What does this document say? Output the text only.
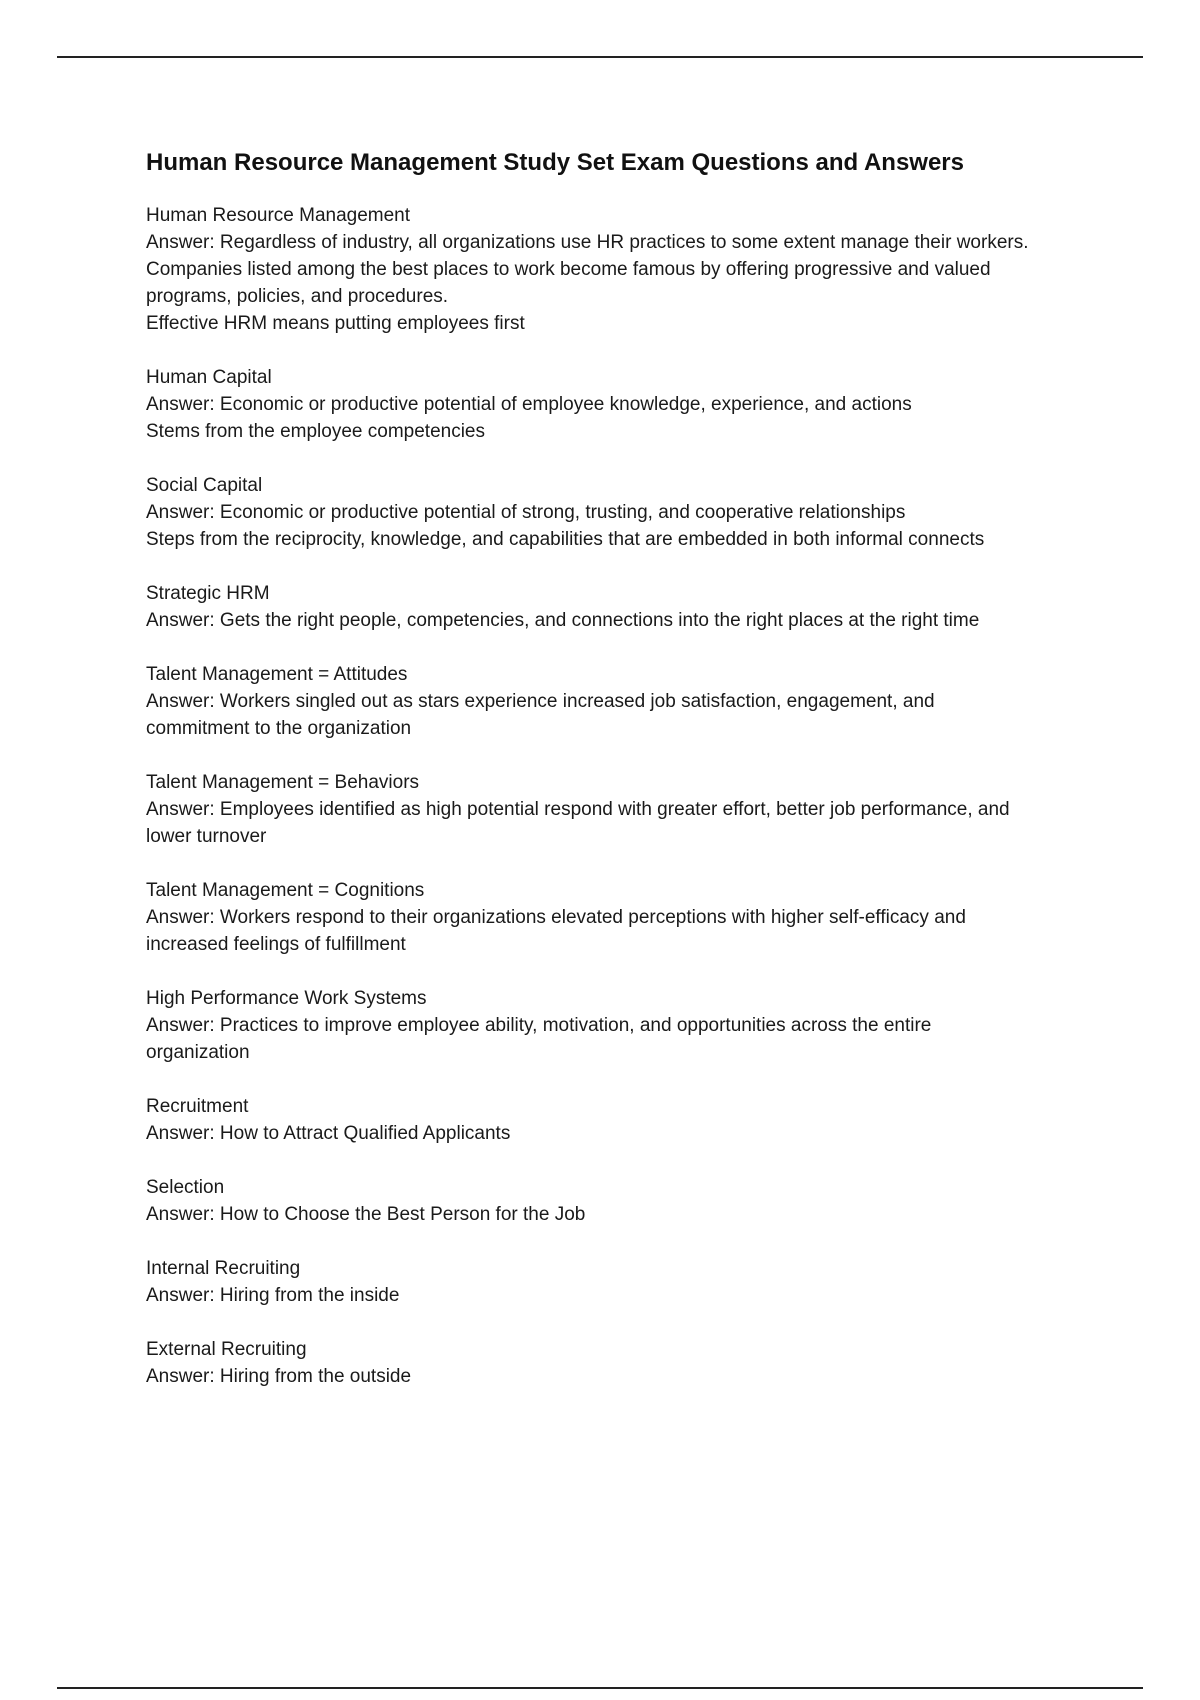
Human Resource Management Study Set Exam Questions and Answers
Human Resource Management
Answer: Regardless of industry, all organizations use HR practices to some extent manage their workers.
Companies listed among the best places to work become famous by offering progressive and valued
programs, policies, and procedures.
Effective HRM means putting employees first
Human Capital
Answer: Economic or productive potential of employee knowledge, experience, and actions
Stems from the employee competencies
Social Capital
Answer: Economic or productive potential of strong, trusting, and cooperative relationships
Steps from the reciprocity, knowledge, and capabilities that are embedded in both informal connects
Strategic HRM
Answer: Gets the right people, competencies, and connections into the right places at the right time
Talent Management = Attitudes
Answer: Workers singled out as stars experience increased job satisfaction, engagement, and
commitment to the organization
Talent Management = Behaviors
Answer: Employees identified as high potential respond with greater effort, better job performance, and
lower turnover
Talent Management = Cognitions
Answer: Workers respond to their organizations elevated perceptions with higher self-efficacy and
increased feelings of fulfillment
High Performance Work Systems
Answer: Practices to improve employee ability, motivation, and opportunities across the entire
organization
Recruitment
Answer: How to Attract Qualified Applicants
Selection
Answer: How to Choose the Best Person for the Job
Internal Recruiting
Answer: Hiring from the inside
External Recruiting
Answer: Hiring from the outside
